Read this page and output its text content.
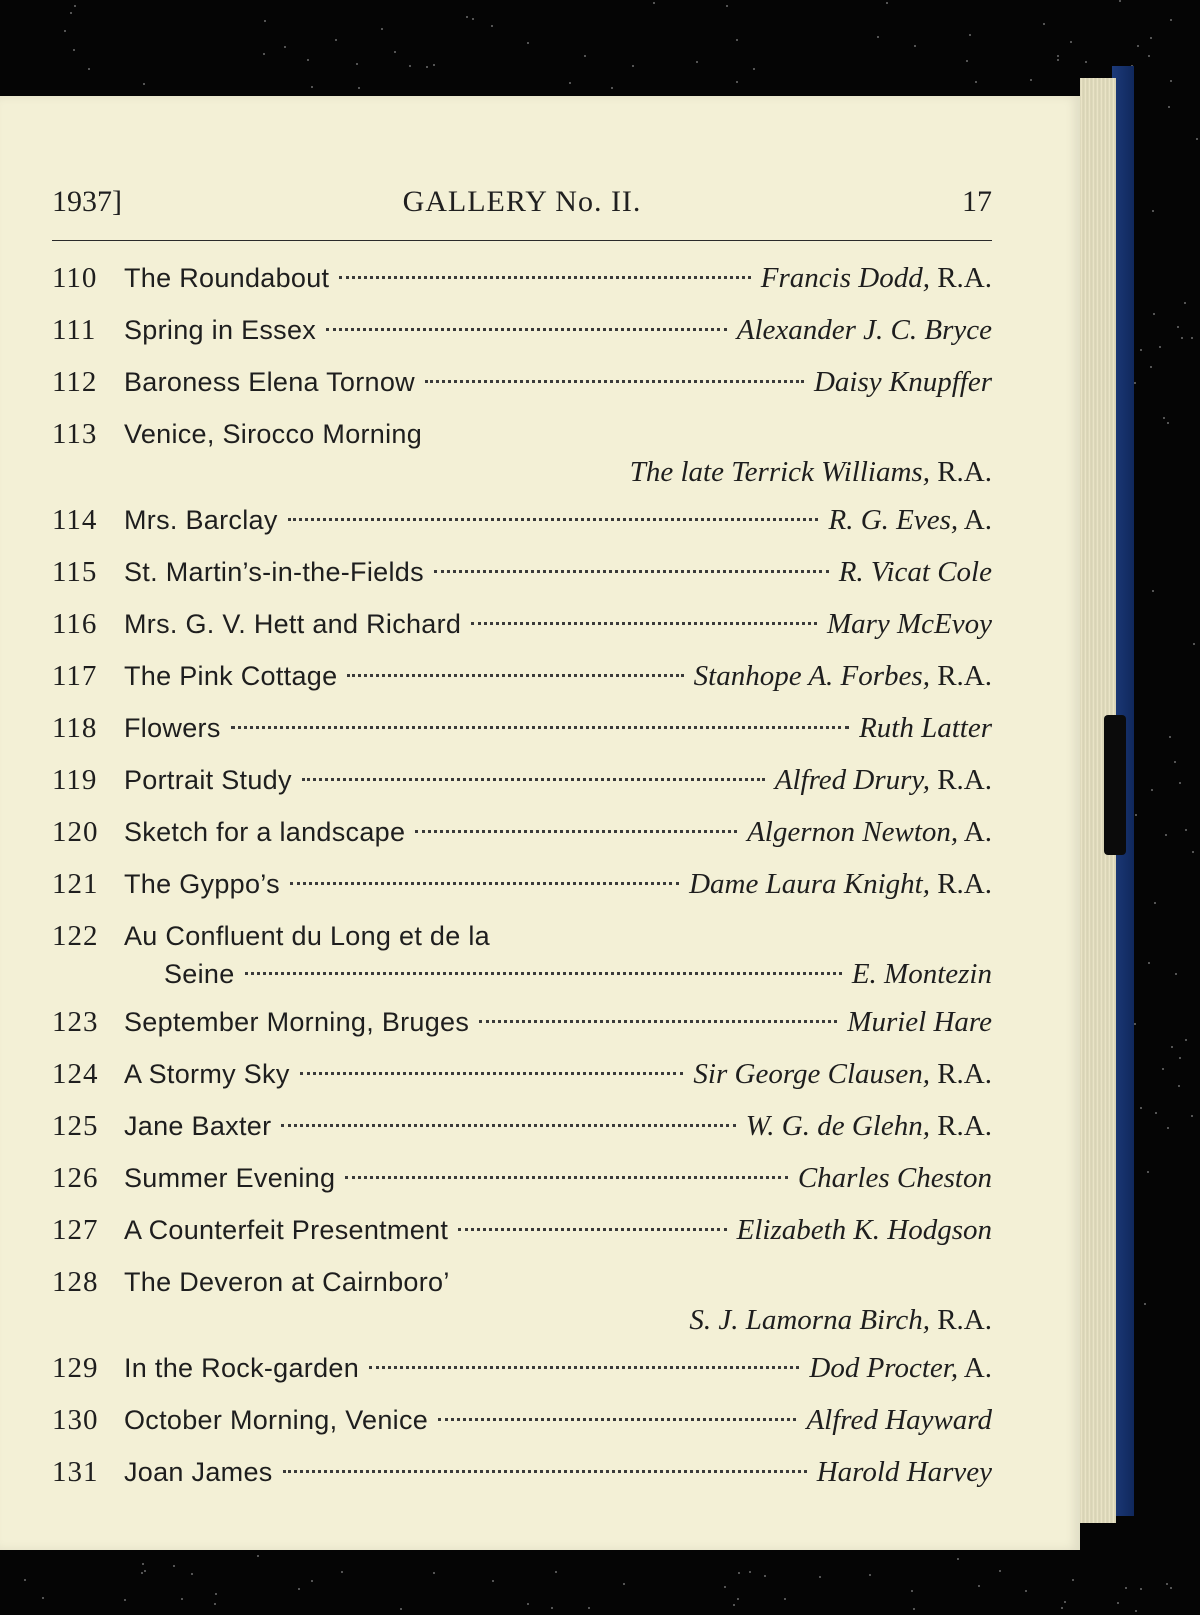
1937]	GALLERY No. II.	17
110 The Roundabout	Francis Dodd, R.A.
111	Spring in Essex	Alexander J. C. Bryce
112 Baroness Elena Tornow	Daisy Knupffer
113 Venice, Sirocco Morning
The late Terrick Williams, R.A.
114 Mrs. Barclay	R. G. Eves, A.
115 St. Martin’s-in-the-Fields	R. Vicat Cole
116 Mrs. G. V. Hett and Richard	Mary McEvoy
117 The Pink Cottage	Stanhope A. Forbes, R.A.
118 Flowers	Ruth Latter
119 Portrait Study	Alfred Drury, R.A.
120 Sketch for a landscape	Algernon Newton, A.
121 The Gyppo’s	Dame Laura Knight, R.A.
122 Au Confluent du Long et de la
Seine	E. Montezin
123 September Morning, Bruges	Muriel Hare
124 A Stormy Sky	Sir George Clausen, R.A.
125 Jane Baxter	W. G. de Glehn, R.A.
126 Summer Evening	Charles Cheston
127 A Counterfeit Presentment	Elizabeth K. Hodgson
128 The Deveron at Cairnboro’
S. J. Lamorna Birch, R.A.
129 In the Rock-garden	Dod Procter, A.
130 October Morning, Venice	Alfred Hayward
131 Joan James	Harold Harvey
